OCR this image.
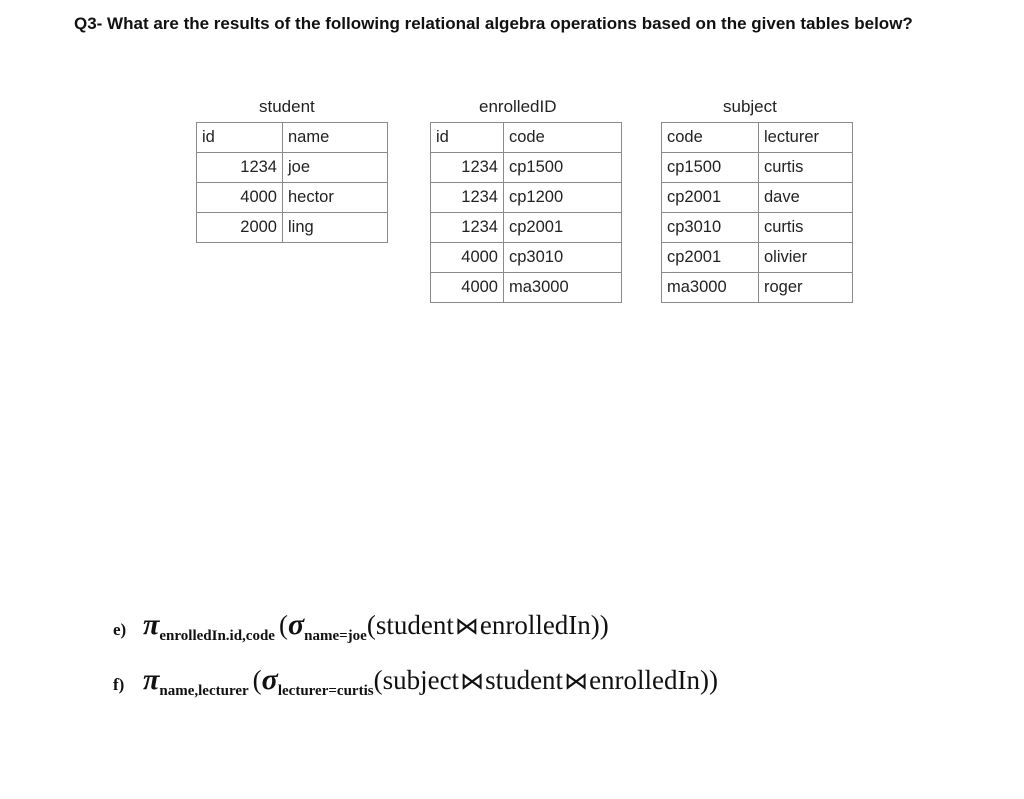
Q3- What are the results of the following relational algebra operations based on the given tables below?
student
id	name
1234	joe
4000	hector
2000	ling
enrolledID
id	code
1234	cp1500
1234	cp1200
1234	cp2001
4000	cp3010
4000	ma3000
subject
code	lecturer
cp1500	curtis
cp2001	dave
cp3010	curtis
cp2001	olivier
ma3000	roger
e) πenrolledIn.id,code (σname=joe(student⋈enrolledIn))
f) πname,lecturer (σlecturer=curtis(subject⋈student⋈enrolledIn))
